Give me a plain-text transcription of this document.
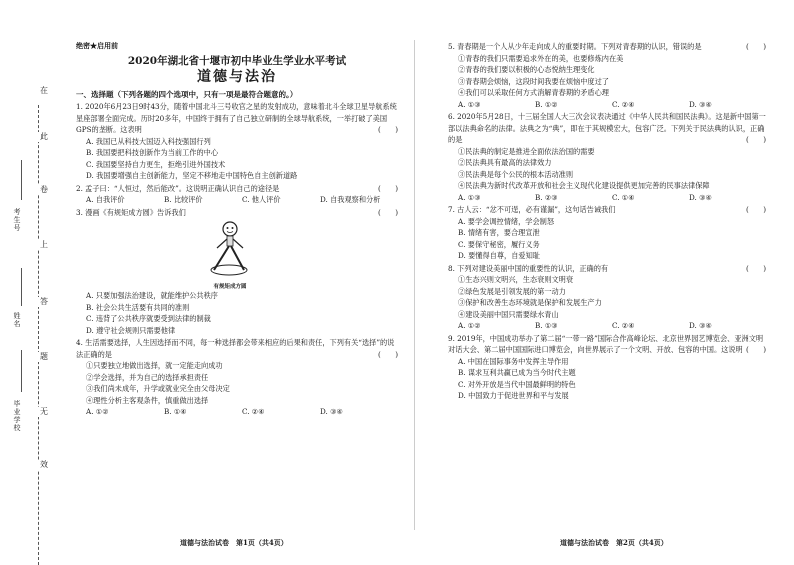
在
此
卷
上
答
题
无
效
考生号
姓名
毕业学校
绝密★启用前
2020年湖北省十堰市初中毕业生学业水平考试
道德与法治
一、选择题（下列各题的四个选项中，只有一项是最符合题意的。）
1. 2020年6月23日9时43分，随着中国北斗三号收官之星的发射成功，意味着北斗全球卫星导航系统星座部署全面完成。历时20多年，中国终于拥有了自己独立研制的全球导航系统，一举打破了美国GPS的垄断。这表明	(　　)
A. 我国已从科技大国迈入科技强国行列
B. 我国要把科技创新作为当前工作的中心
C. 我国要坚持自力更生，拒绝引进外国技术
D. 我国要增强自主创新能力，坚定不移地走中国特色自主创新道路
2. 孟子曰：“人恒过，然后能改”。这说明正确认识自己的途径是	(　　)
A. 自我评价	B. 比较评价	C. 他人评价	D. 自我观察和分析
3. 漫画《有规矩成方圆》告诉我们	(　　)
有规矩成方圆
A. 只要加强法治建设，就能维护公共秩序
B. 社会公共生活要有共同的准则
C. 违背了公共秩序就要受到法律的制裁
D. 遵守社会规则只需要他律
4. 生活需要选择，人生因选择而不同，每一种选择都会带来相应的后果和责任，下列有关“选择”的说法正确的是	(　　)
①只要独立地做出选择，就一定能走向成功
②学会选择，并为自己的选择承担责任
③我们尚未成年，升学或就业完全由父母决定
④理性分析主客观条件，慎重做出选择
A. ①②	B. ①④	C. ②④	D. ③④
5. 青春期是一个人从少年走向成人的重要时期。下列对青春期的认识，错误的是	(　　)
①青春的我们只需要追求外在的美，也要修炼内在美
②青春的我们要以积极的心态悦纳生理变化
③青春期会烦恼，这段时间我要在烦恼中度过了
④我们可以采取任何方式消解青春期的矛盾心理
A. ①③	B. ①②	C. ②④	D. ③④
6. 2020年5月28日，十三届全国人大三次会议表决通过《中华人民共和国民法典》。这是新中国第一部以法典命名的法律。法典之为“典”，即在于其规模宏大，包容广泛。下列关于民法典的认识，正确的是	(　　)
①民法典的制定是推进全面依法治国的需要
②民法典具有最高的法律效力
③民法典是每个公民的根本活动准则
④民法典为新时代改革开放和社会主义现代化建设提供更加完善的民事法律保障
A. ①③	B. ②③	C. ①④	D. ③④
7. 古人云：“忿不可逞，必有谨漏”，这句话告诫我们	(　　)
A. 要学会调控情绪，学会制怒
B. 情绪有害，要合理宣泄
C. 要保守秘密，履行义务
D. 要懂得自尊，自爱知耻
8. 下列对建设美丽中国的重要性的认识，正确的有	(　　)
①生态兴则文明兴，生态衰则文明衰
②绿色发展是引领发展的第一动力
③保护和改善生态环境就是保护和发展生产力
④建设美丽中国只需要绿水青山
A. ①②	B. ①③	C. ②④	D. ③④
9. 2019年，中国成功举办了第二届“一带一路”国际合作高峰论坛、北京世界园艺博览会、亚洲文明对话大会、第二届中国国际进口博览会，向世界展示了一个文明、开放、包容的中国。这说明 (　　)
A. 中国在国际事务中发挥主导作用
B. 谋求互利共赢已成为当今时代主题
C. 对外开放是当代中国最鲜明的特色
D. 中国致力于促进世界和平与发展
道德与法治试卷　第1页（共4页）	道德与法治试卷　第2页（共4页）
